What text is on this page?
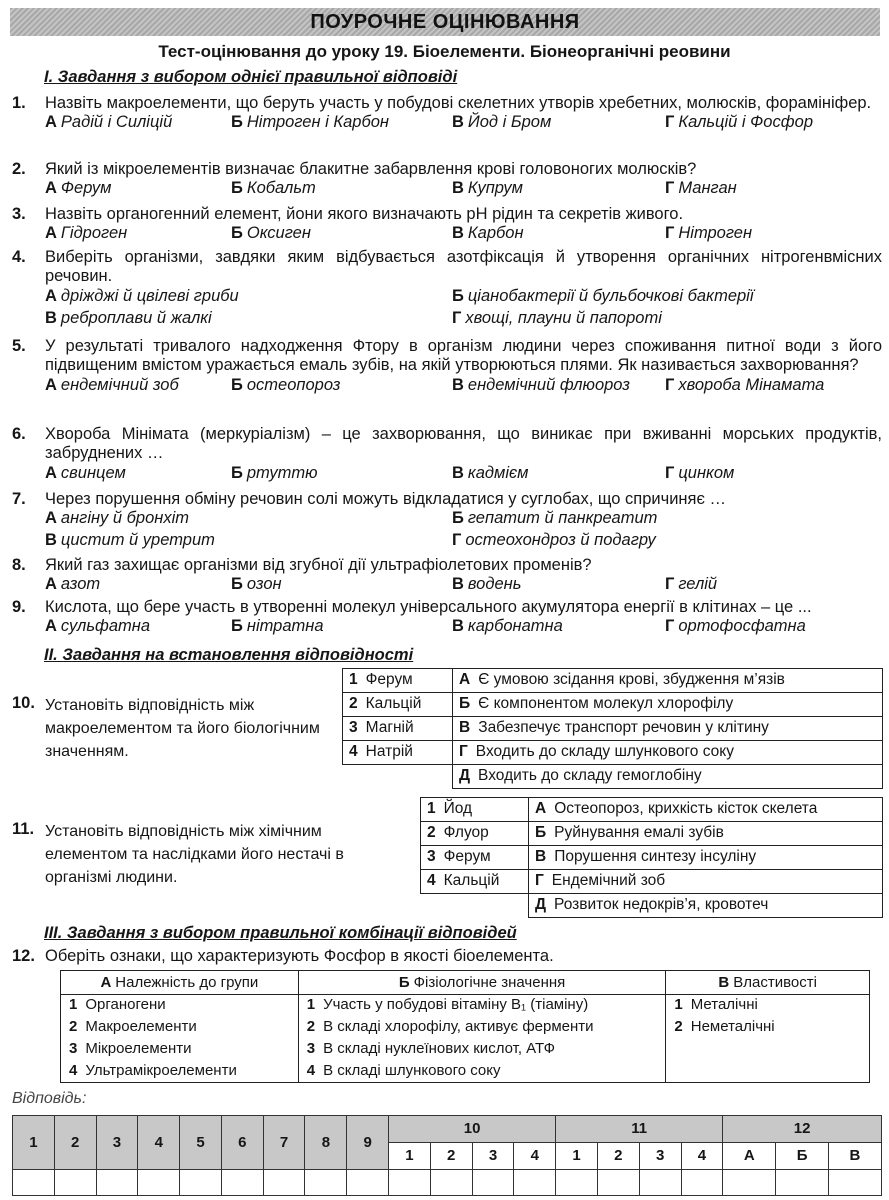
ПОУРОЧНЕ ОЦІНЮВАННЯ
Тест-оцінювання до уроку 19. Біоелементи. Біонеорганічні реовини
І. Завдання з вибором однієї правильної відповіді
1. Назвіть макроелементи, що беруть участь у побудові скелетних утворів хребетних, молюсків, форамініфер.
А Радій і Силіцій	Б Нітроген і Карбон	В Йод і Бром	Г Кальцій і Фосфор
2. Який із мікроелементів визначає блакитне забарвлення крові головоногих молюсків?
А Ферум	Б Кобальт	В Купрум	Г Манган
3. Назвіть органогенний елемент, йони якого визначають рН рідин та секретів живого.
А Гідроген	Б Оксиген	В Карбон	Г Нітроген
4. Виберіть організми, завдяки яким відбувається азотфіксація й утворення органічних нітрогенвмісних речовин.
А дріжджі й цвілеві гриби	Б ціанобактерії й бульбочкові бактерії
В реброплави й жалкі	Г хвощі, плауни й папороті
5. У результаті тривалого надходження Фтору в організм людини через споживання питної води з його підвищеним вмістом уражається емаль зубів, на якій утворюються плями. Як називається захворювання?
А ендемічний зоб	Б остеопороз	В ендемічний флюороз Г хвороба Мінамата
6. Хвороба Мінімата (меркуріалізм) – це захворювання, що виникає при вживанні морських продуктів, забруднених …
А свинцем	Б ртуттю	В кадмієм	Г цинком
7. Через порушення обміну речовин солі можуть відкладатися у суглобах, що спричиняє …
А ангіну й бронхіт	Б гепатит й панкреатит
В цистит й уретрит	Г остеохондроз й подагру
8. Який газ захищає організми від згубної дії ультрафіолетових променів?
А азот	Б озон	В водень	Г гелій
9. Кислота, що бере участь в утворенні молекул універсального акумулятора енергії в клітинах – це ...
А сульфатна	Б нітратна	В карбонатна	Г ортофосфатна
ІІ. Завдання на встановлення відповідності
10. Установіть відповідність між макроелементом та його біологічним значенням.
1 Ферум	А Є умовою зсідання крові, збудження м’язів
2 Кальцій	Б Є компонентом молекул хлорофілу
3 Магній	В Забезпечує транспорт речовин у клітину
4 Натрій	Г Входить до складу шлункового соку
	Д Входить до складу гемоглобіну
11. Установіть відповідність між хімічним елементом та наслідками його нестачі в організмі людини.
1 Йод	А Остеопороз, крихкість кісток скелета
2 Флуор	Б Руйнування емалі зубів
3 Ферум	В Порушення синтезу інсуліну
4 Кальцій	Г Ендемічний зоб
	Д Розвиток недокрів’я, кровотеч
ІІІ. Завдання з вибором правильної комбінації відповідей
12. Оберіть ознаки, що характеризують Фосфор в якості біоелемента.
А Належність до групи	Б Фізіологічне значення	В Властивості
1 Органогени	1 Участь у побудові вітаміну B₁ (тіаміну)	1 Металічні
2 Макроелементи	2 В складі хлорофілу, активує ферменти	2 Неметалічні
3 Мікроелементи	3 В складі нуклеїнових кислот, АТФ	
4 Ультрамікроелементи	4 В складі шлункового соку	
Відповідь:
1	2	3	4	5	6	7	8	9	10				11				12		
									1	2	3	4	1	2	3	4	А	Б	В
